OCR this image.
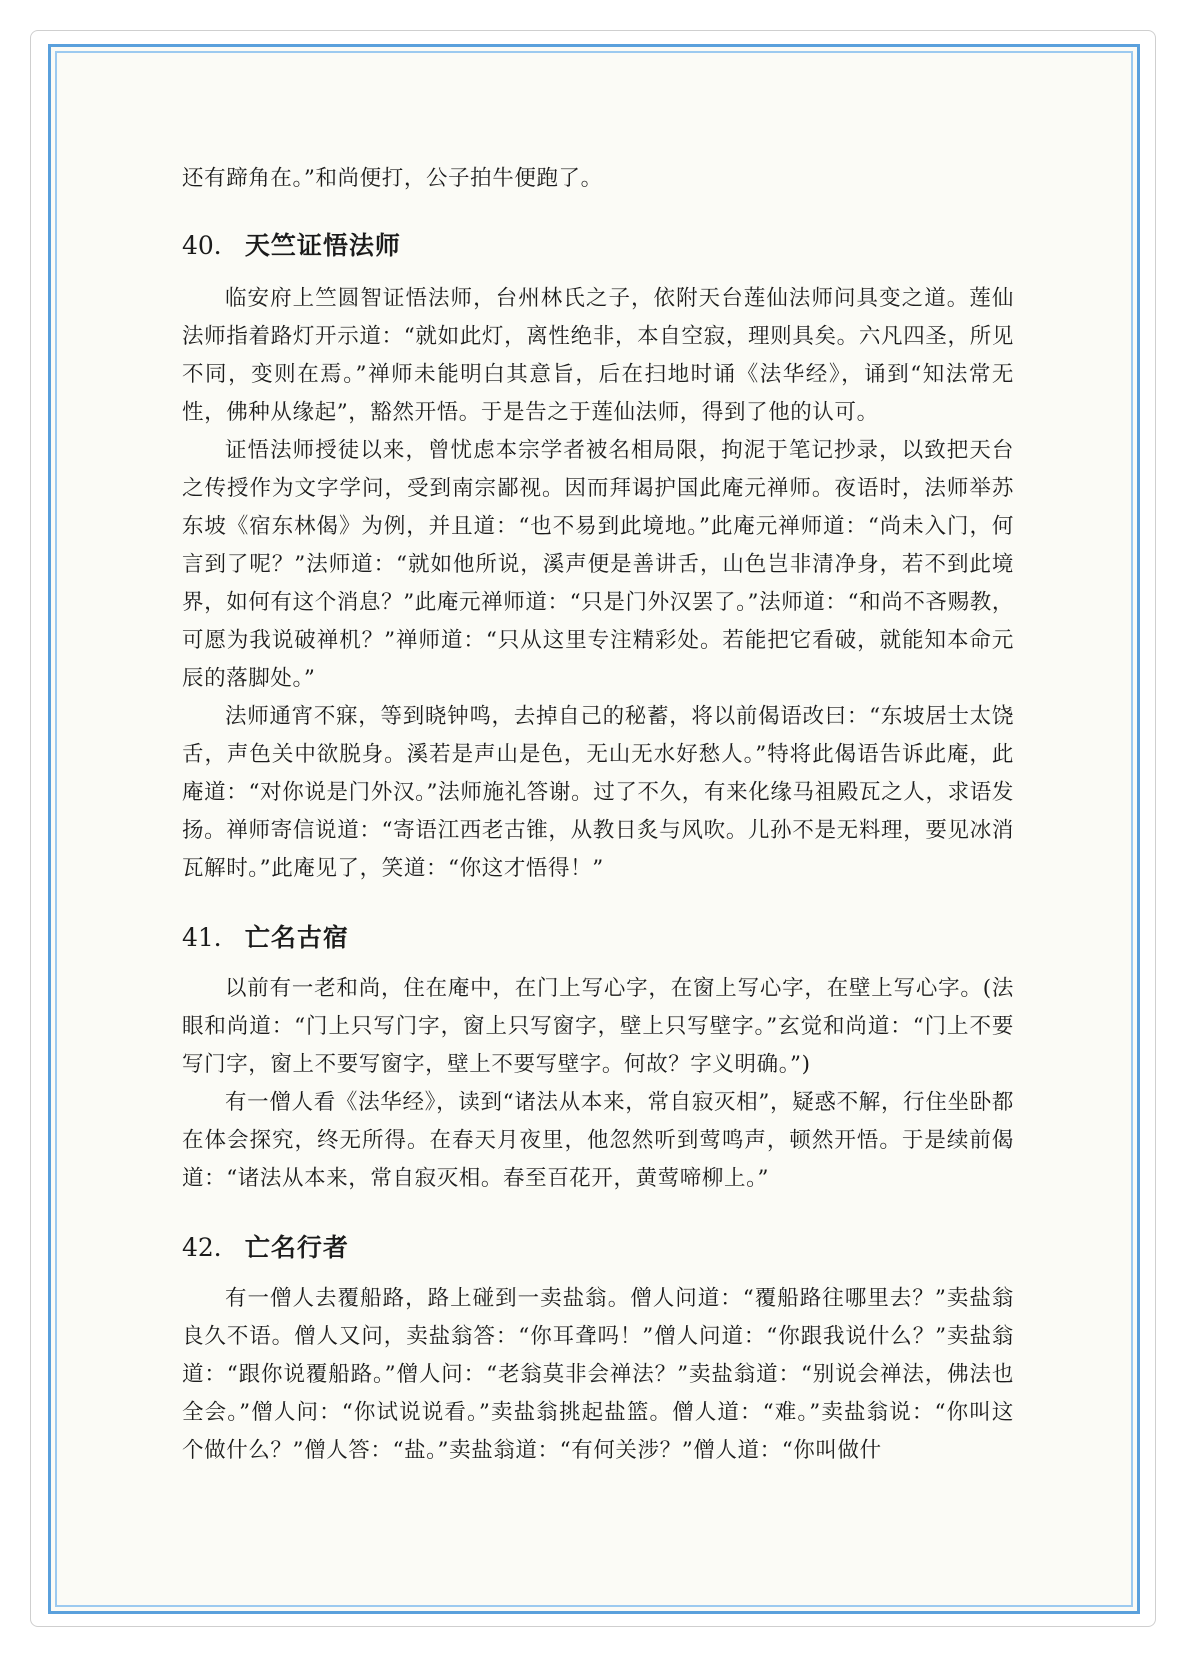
还有蹄角在。”和尚便打，公子拍牛便跑了。

40． 天竺证悟法师

临安府上竺圆智证悟法师，台州林氏之子，依附天台莲仙法师问具变之道。莲仙法师指着路灯开示道：“就如此灯，离性绝非，本自空寂，理则具矣。六凡四圣，所见不同，变则在焉。”禅师未能明白其意旨，后在扫地时诵《法华经》，诵到“知法常无性，佛种从缘起”，豁然开悟。于是告之于莲仙法师，得到了他的认可。

证悟法师授徒以来，曾忧虑本宗学者被名相局限，拘泥于笔记抄录，以致把天台之传授作为文字学问，受到南宗鄙视。因而拜谒护国此庵元禅师。夜语时，法师举苏东坡《宿东林偈》为例，并且道：“也不易到此境地。”此庵元禅师道：“尚未入门，何言到了呢？”法师道：“就如他所说，溪声便是善讲舌，山色岂非清净身，若不到此境界，如何有这个消息？”此庵元禅师道：“只是门外汉罢了。”法师道：“和尚不吝赐教，可愿为我说破禅机？”禅师道：“只从这里专注精彩处。若能把它看破，就能知本命元辰的落脚处。”

法师通宵不寐，等到晓钟鸣，去掉自己的秘蓄，将以前偈语改曰：“东坡居士太饶舌，声色关中欲脱身。溪若是声山是色，无山无水好愁人。”特将此偈语告诉此庵，此庵道：“对你说是门外汉。”法师施礼答谢。过了不久，有来化缘马祖殿瓦之人，求语发扬。禅师寄信说道：“寄语江西老古锥，从教日炙与风吹。儿孙不是无料理，要见冰消瓦解时。”此庵见了，笑道：“你这才悟得！”

41． 亡名古宿

以前有一老和尚，住在庵中，在门上写心字，在窗上写心字，在壁上写心字。(法眼和尚道：“门上只写门字，窗上只写窗字，壁上只写壁字。”玄觉和尚道：“门上不要写门字，窗上不要写窗字，壁上不要写壁字。何故？字义明确。”)

有一僧人看《法华经》，读到“诸法从本来，常自寂灭相”，疑惑不解，行住坐卧都在体会探究，终无所得。在春天月夜里，他忽然听到莺鸣声，顿然开悟。于是续前偈道：“诸法从本来，常自寂灭相。春至百花开，黄莺啼柳上。”

42． 亡名行者

有一僧人去覆船路，路上碰到一卖盐翁。僧人问道：“覆船路往哪里去？”卖盐翁良久不语。僧人又问，卖盐翁答：“你耳聋吗！”僧人问道：“你跟我说什么？”卖盐翁道：“跟你说覆船路。”僧人问：“老翁莫非会禅法？”卖盐翁道：“别说会禅法，佛法也全会。”僧人问：“你试说说看。”卖盐翁挑起盐篮。僧人道：“难。”卖盐翁说：“你叫这个做什么？”僧人答：“盐。”卖盐翁道：“有何关涉？”僧人道：“你叫做什
